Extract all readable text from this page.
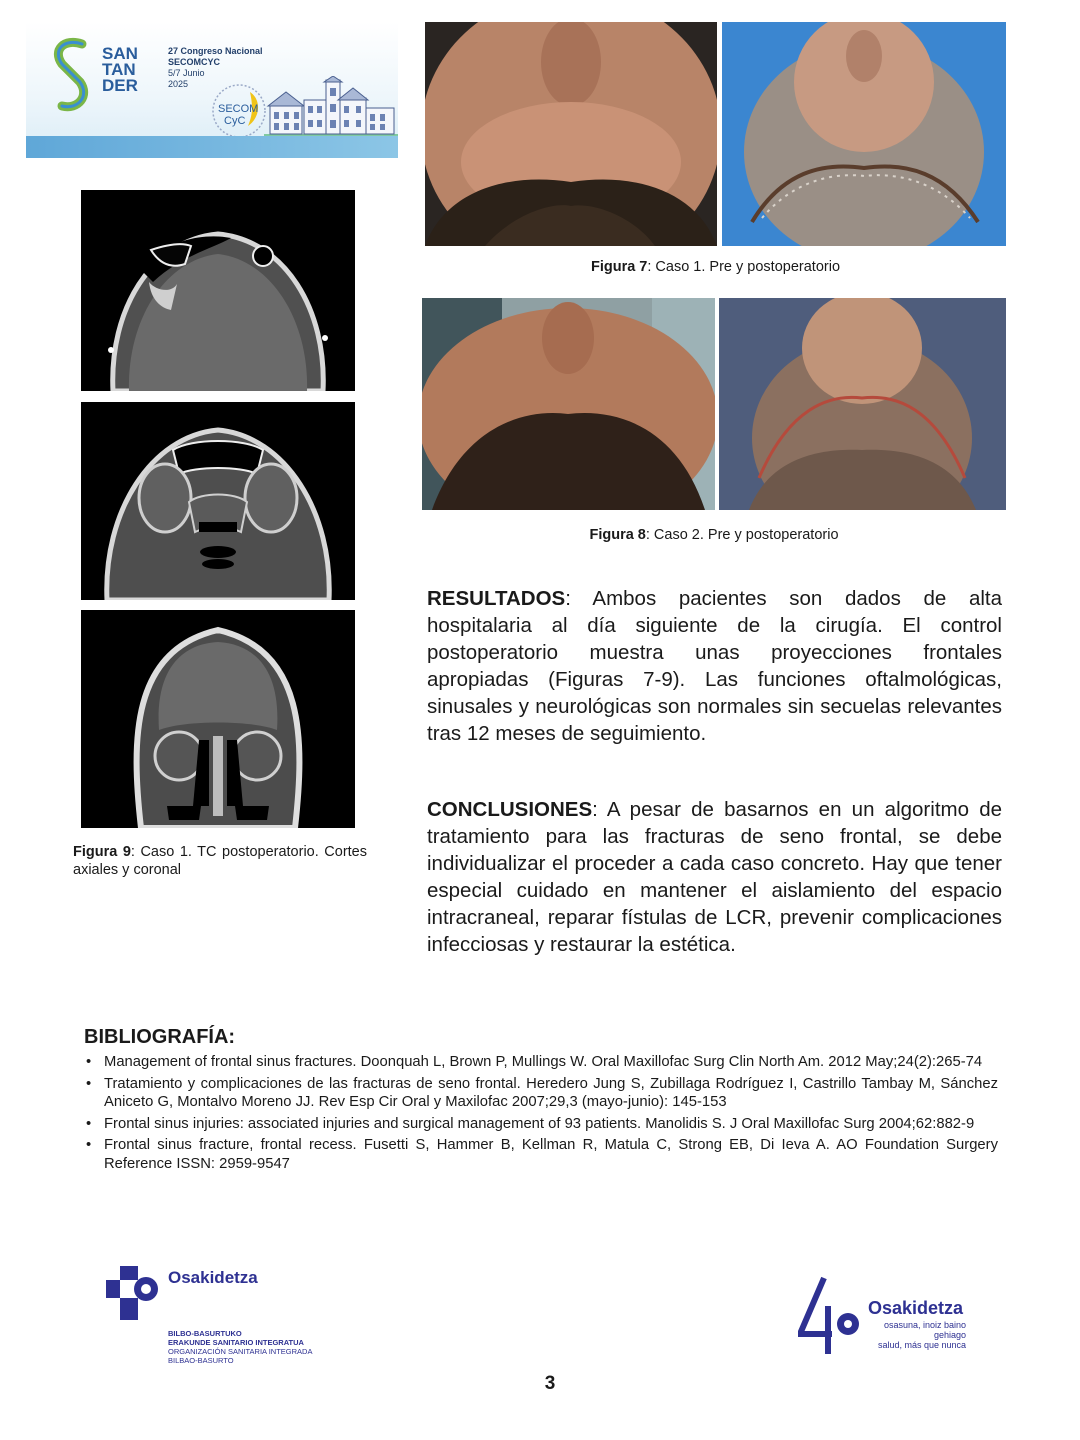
SAN
TAN
DER
27 Congreso Nacional
SECOMCYC
5/7 Junio
2025
SECOM
CyC
Figura 9: Caso 1. TC postoperatorio. Cortes axiales y coronal
Figura 7: Caso 1. Pre y postoperatorio
Figura 8: Caso 2. Pre y postoperatorio
RESULTADOS: Ambos pacientes son dados de alta hospitalaria al día siguiente de la cirugía. El control postoperatorio muestra unas proyecciones frontales apropiadas (Figuras 7-9). Las funciones oftalmológicas, sinusales y neurológicas son normales sin secuelas relevantes tras 12 meses de seguimiento.
CONCLUSIONES: A pesar de basarnos en un algoritmo de tratamiento para las fracturas de seno frontal, se debe individualizar el proceder a cada caso concreto. Hay que tener especial cuidado en mantener el aislamiento del espacio intracraneal, reparar fístulas de LCR, prevenir complicaciones infecciosas y restaurar la estética.
BIBLIOGRAFÍA:
• Management of frontal sinus fractures. Doonquah L, Brown P, Mullings W. Oral Maxillofac Surg Clin North Am. 2012 May;24(2):265-74
• Tratamiento y complicaciones de las fracturas de seno frontal. Heredero Jung S, Zubillaga Rodríguez I, Castrillo Tambay M, Sánchez Aniceto G, Montalvo Moreno JJ. Rev Esp Cir Oral y Maxilofac 2007;29,3 (mayo-junio): 145-153
• Frontal sinus injuries: associated injuries and surgical management of 93 patients. Manolidis S. J Oral Maxillofac Surg 2004;62:882-9
• Frontal sinus fracture, frontal recess. Fusetti S, Hammer B, Kellman R, Matula C, Strong EB, Di Ieva A. AO Foundation Surgery Reference ISSN: 2959-9547
Osakidetza
BILBO-BASURTUKO
ERAKUNDE SANITARIO INTEGRATUA
ORGANIZACIÓN SANITARIA INTEGRADA
BILBAO-BASURTO
Osakidetza
osasuna, inoiz baino gehiago
salud, más que nunca
3
